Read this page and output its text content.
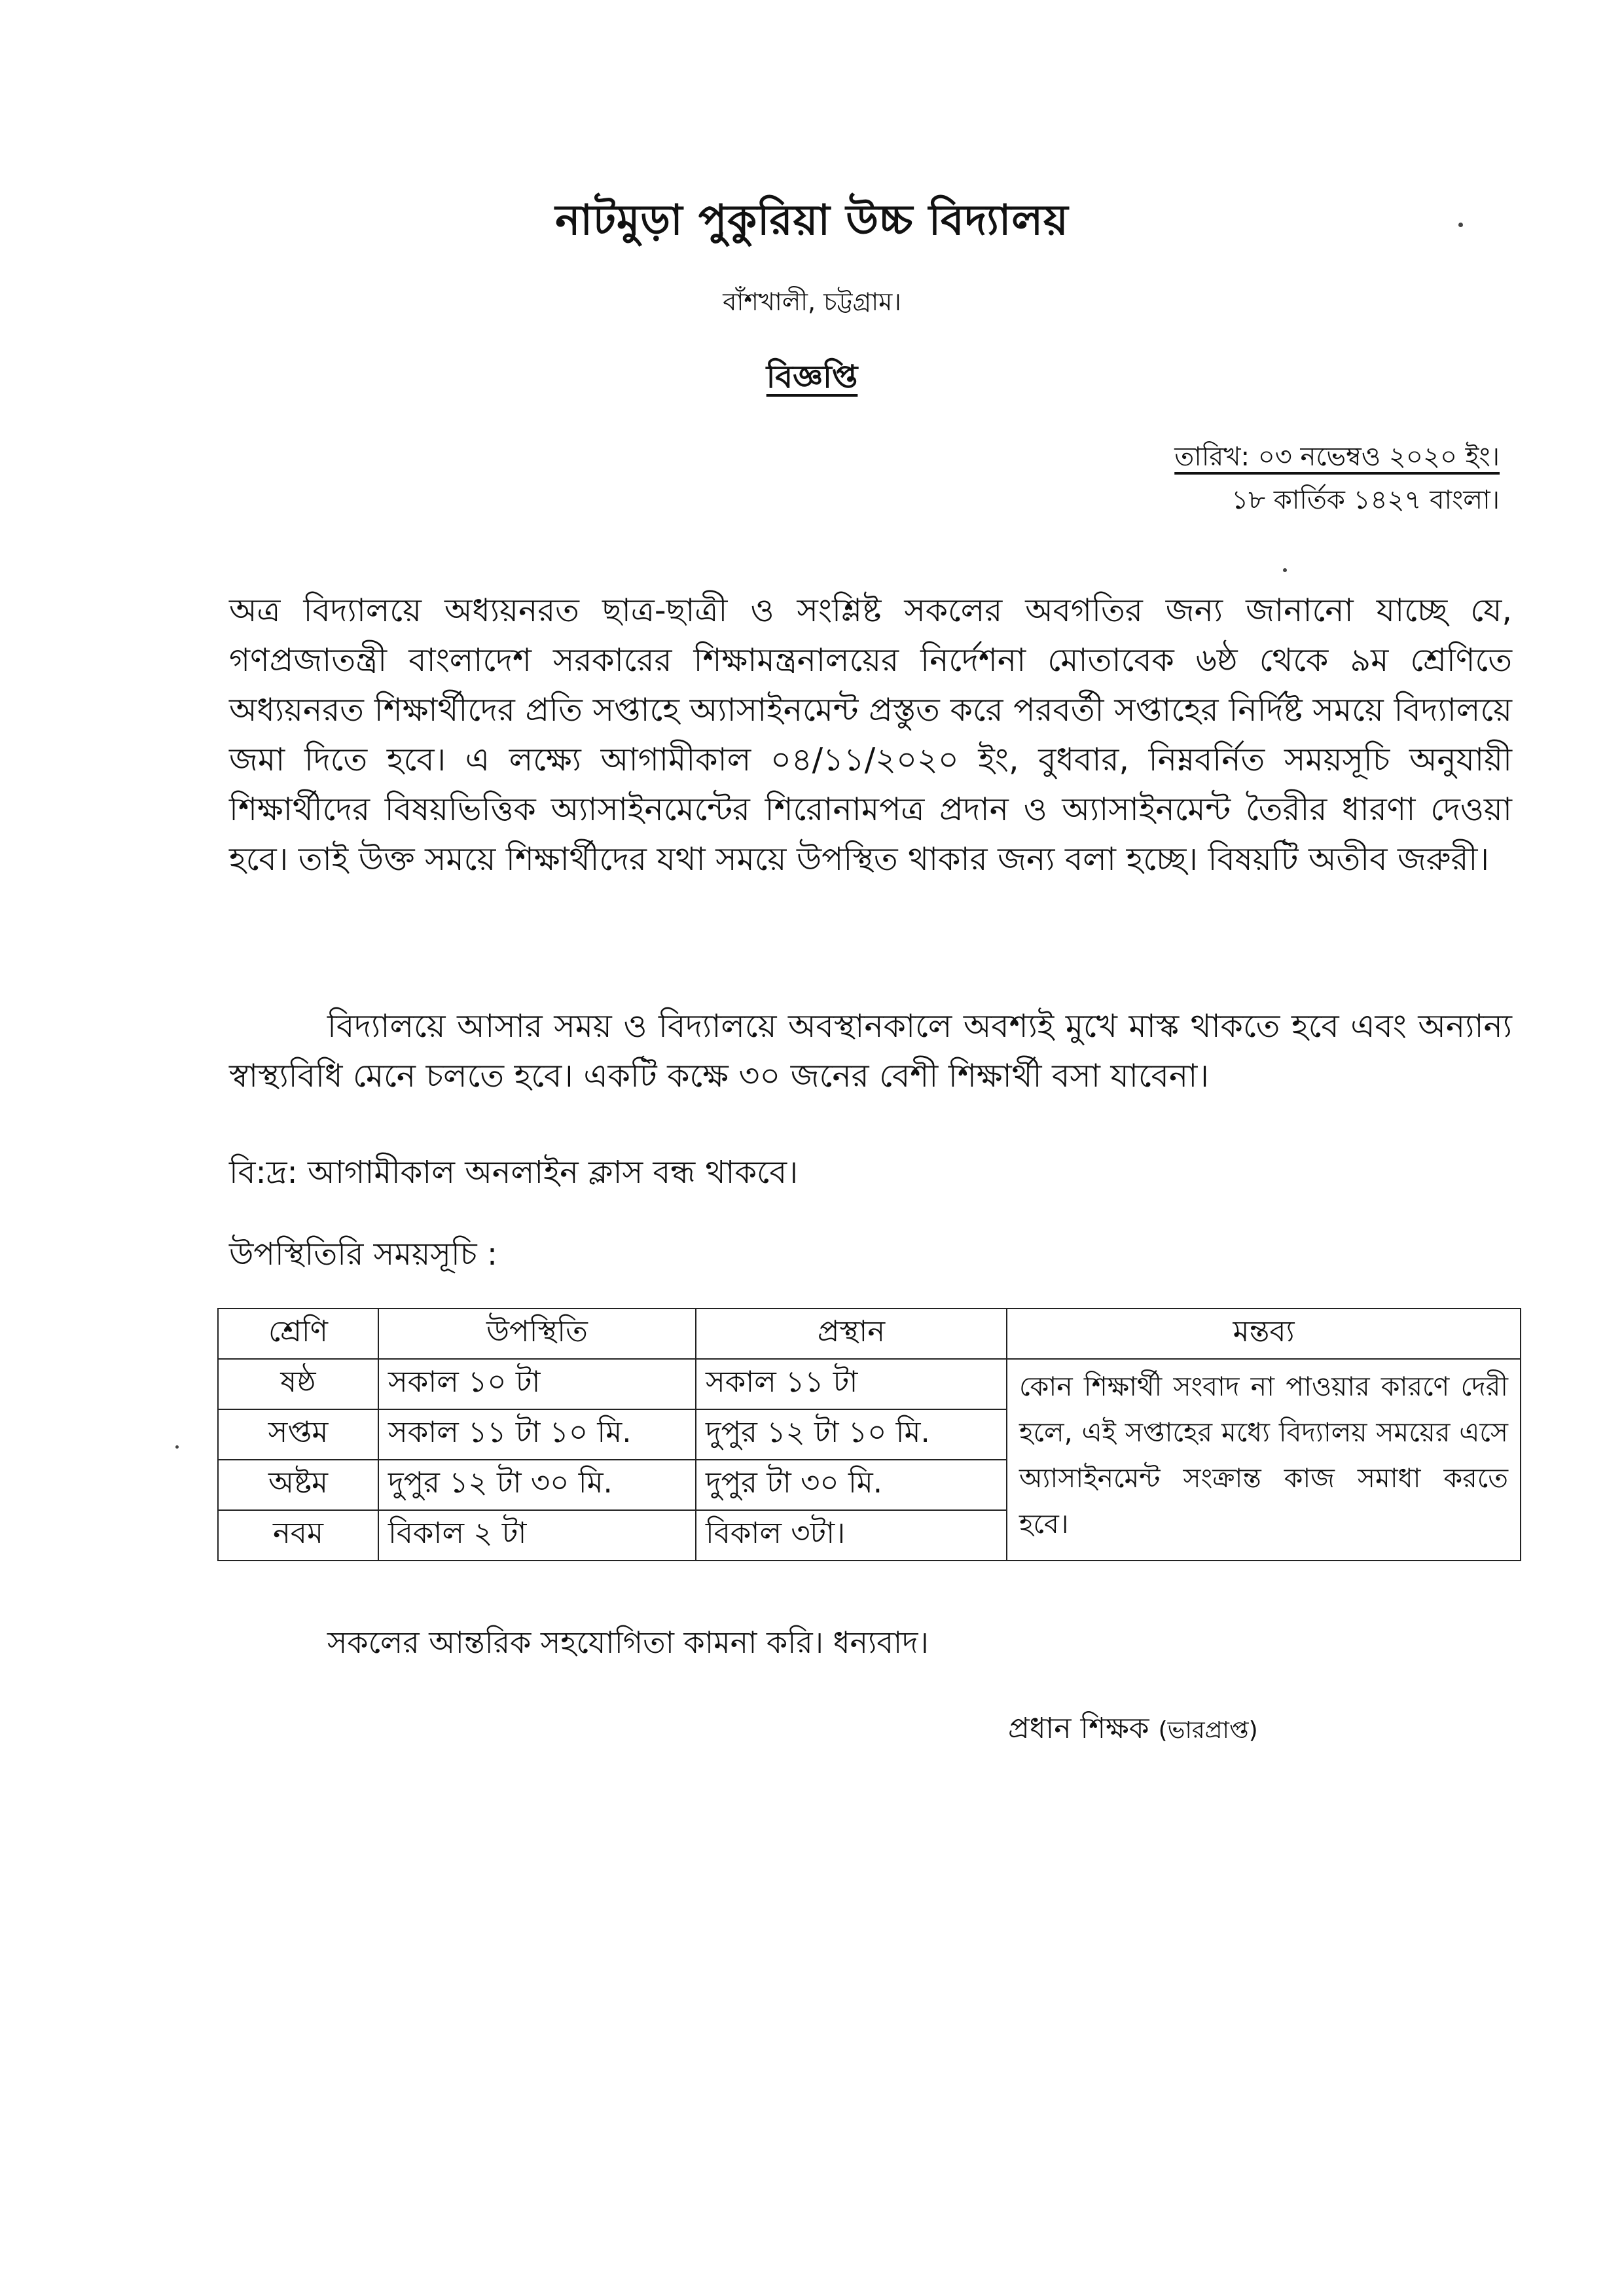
নাটমুড়া পুকুরিয়া উচ্চ বিদ্যালয়
বাঁশখালী, চট্টগ্রাম।
বিজ্ঞপ্তি
তারিখ: ০৩ নভেম্বও ২০২০ ইং।
১৮ কার্তিক ১৪২৭ বাংলা।

অত্র বিদ্যালয়ে অধ্যয়নরত ছাত্র-ছাত্রী ও সংশ্লিষ্ট সকলের অবগতির জন্য জানানো যাচ্ছে যে, গণপ্রজাতন্ত্রী বাংলাদেশ সরকারের শিক্ষামন্ত্রনালয়ের নির্দেশনা মোতাবেক ৬ষ্ঠ থেকে ৯ম শ্রেণিতে অধ্যয়নরত শিক্ষার্থীদের প্রতি সপ্তাহে অ্যাসাইনমেন্ট প্রস্তুত করে পরবর্তী সপ্তাহের নির্দিষ্ট সময়ে বিদ্যালয়ে জমা দিতে হবে। এ লক্ষ্যে আগামীকাল ০৪/১১/২০২০ ইং, বুধবার, নিম্নবর্নিত সময়সূচি অনুযায়ী শিক্ষার্থীদের বিষয়ভিত্তিক অ্যাসাইনমেন্টের শিরোনামপত্র প্রদান ও অ্যাসাইনমেন্ট তৈরীর ধারণা দেওয়া হবে। তাই উক্ত সময়ে শিক্ষার্থীদের যথা সময়ে উপস্থিত থাকার জন্য বলা হচ্ছে। বিষয়টি অতীব জরুরী।

বিদ্যালয়ে আসার সময় ও বিদ্যালয়ে অবস্থানকালে অবশ্যই মুখে মাস্ক থাকতে হবে এবং অন্যান্য স্বাস্থ্যবিধি মেনে চলতে হবে। একটি কক্ষে ৩০ জনের বেশী শিক্ষার্থী বসা যাবেনা।

বি:দ্র: আগামীকাল অনলাইন ক্লাস বন্ধ থাকবে।
উপস্থিতিরি সময়সূচি :
শ্রেণি	উপস্থিতি	প্রস্থান	মন্তব্য
ষষ্ঠ	সকাল ১০ টা	সকাল ১১ টা	কোন শিক্ষার্থী সংবাদ না পাওয়ার কারণে দেরী হলে, এই সপ্তাহের মধ্যে বিদ্যালয় সময়ের এসে অ্যাসাইনমেন্ট সংক্রান্ত কাজ সমাধা করতে হবে।
সপ্তম	সকাল ১১ টা ১০ মি.	দুপুর ১২ টা ১০ মি.	
অষ্টম	দুপুর ১২ টা ৩০ মি.	দুপুর টা ৩০ মি.	
নবম	বিকাল ২ টা	বিকাল ৩টা।	
সকলের আন্তরিক সহযোগিতা কামনা করি। ধন্যবাদ।
প্রধান শিক্ষক (ভারপ্রাপ্ত)
